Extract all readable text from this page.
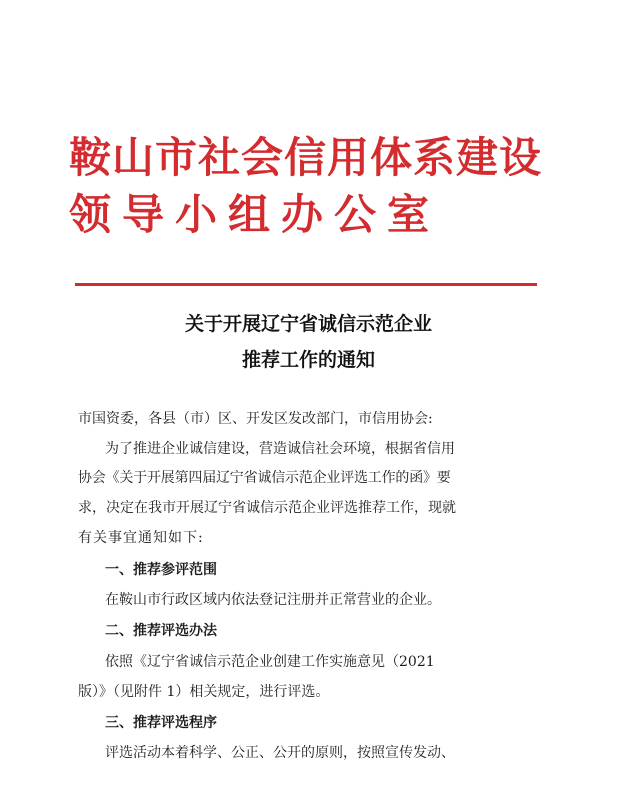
鞍山市社会信用体系建设
领导小组办公室
关于开展辽宁省诚信示范企业
推荐工作的通知
市国资委，各县（市）区、开发区发改部门，市信用协会:
为了推进企业诚信建设，营造诚信社会环境，根据省信用
协会《关于开展第四届辽宁省诚信示范企业评选工作的函》要
求，决定在我市开展辽宁省诚信示范企业评选推荐工作，现就
有关事宜通知如下:
一、推荐参评范围
在鞍山市行政区域内依法登记注册并正常营业的企业。
二、推荐评选办法
依照《辽宁省诚信示范企业创建工作实施意见（2021
版）》（见附件 1）相关规定，进行评选。
三、推荐评选程序
评选活动本着科学、公正、公开的原则，按照宣传发动、
